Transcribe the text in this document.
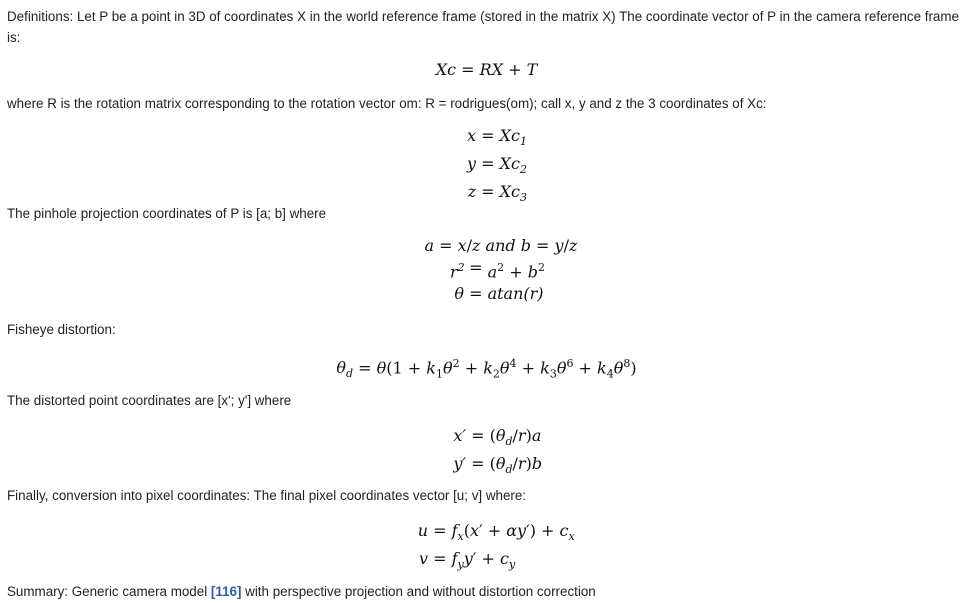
Definitions: Let P be a point in 3D of coordinates X in the world reference frame (stored in the matrix X) The coordinate vector of P in the camera reference frame is:
Xc = RX + T
where R is the rotation matrix corresponding to the rotation vector om: R = rodrigues(om); call x, y and z the 3 coordinates of Xc:
$x = Xc_1$
$y = Xc_2$
$z = Xc_3$
The pinhole projection coordinates of P is [a; b] where
a = x/z and b = y/z
$r^2 = a^2 + b^2$
θ = atan(r)
Fisheye distortion:
$\theta_d = \theta(1 + k_1\theta^2 + k_2\theta^4 + k_3\theta^6 + k_4\theta^8)$
The distorted point coordinates are [x'; y'] where
$x' = (\theta_d/r)a$
$y' = (\theta_d/r)b$
Finally, conversion into pixel coordinates: The final pixel coordinates vector [u; v] where:
$u = f_x(x' + \alpha y') + c_x$
$v = f_yy' + c_y$
Summary: Generic camera model [116] with perspective projection and without distortion correction
